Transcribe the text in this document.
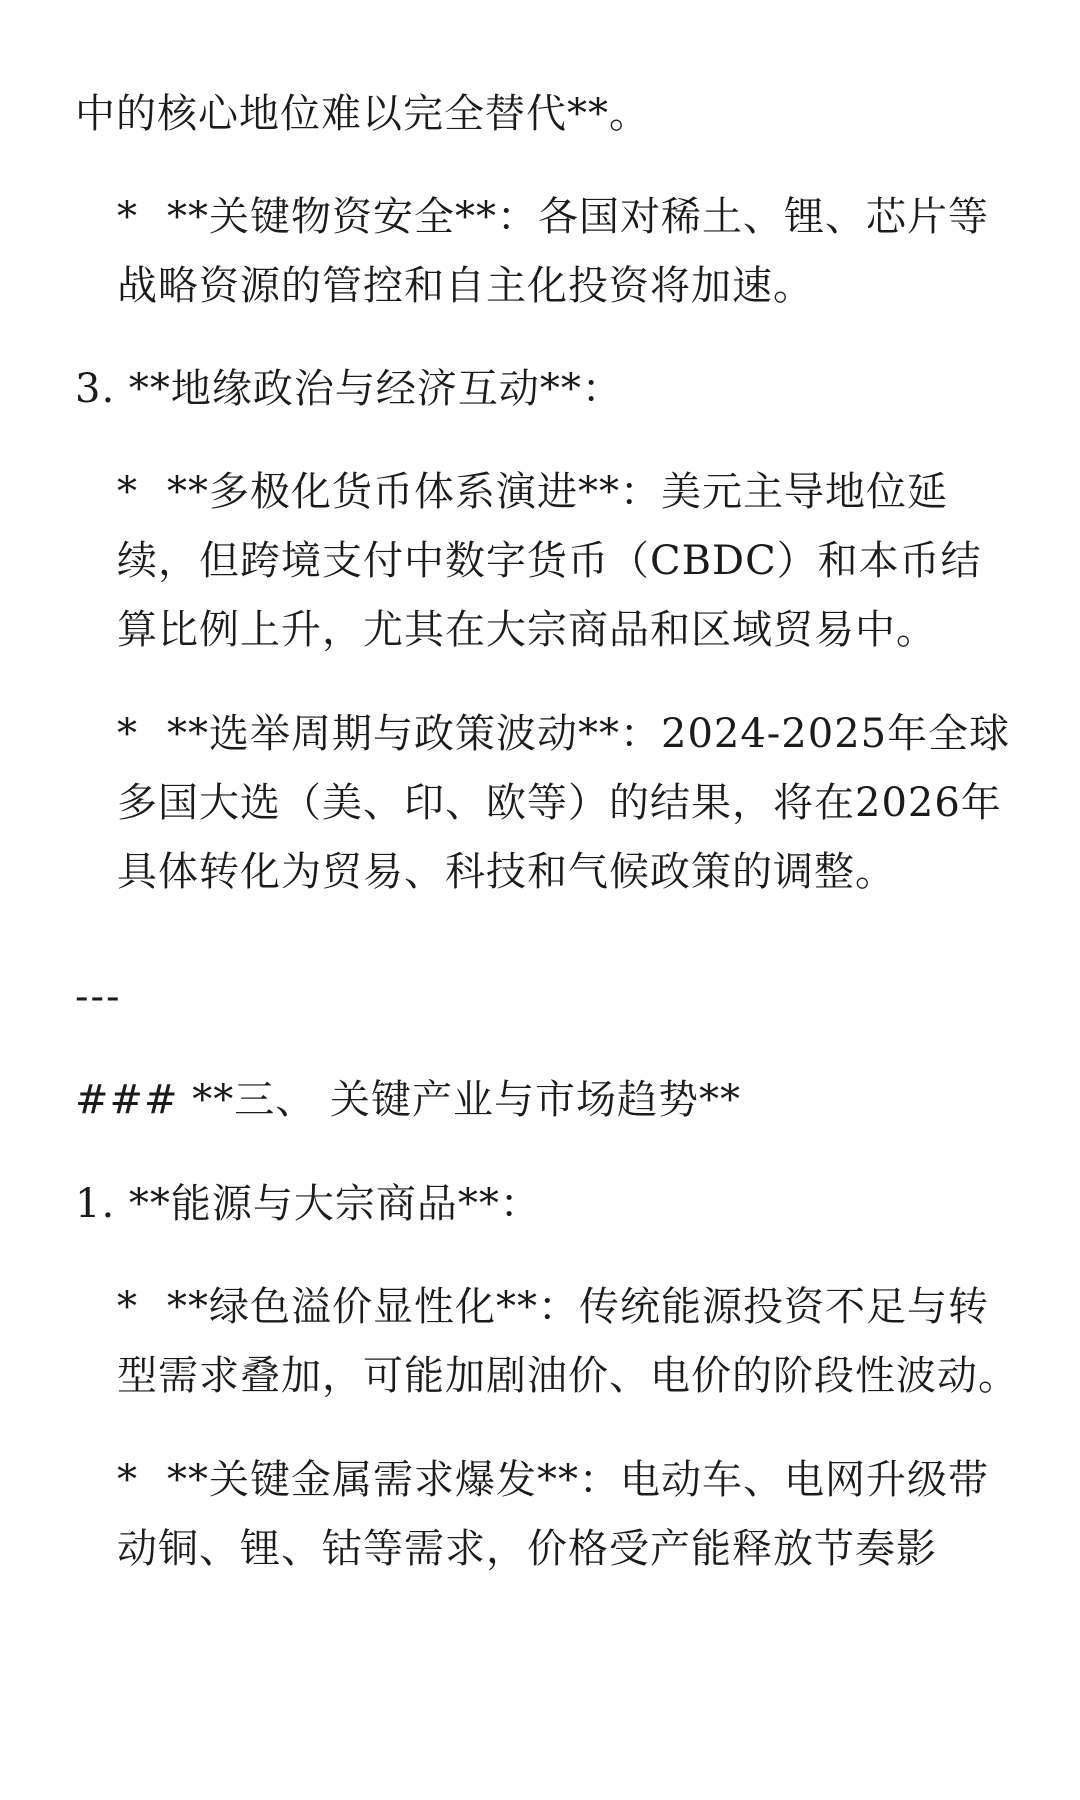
中的核心地位难以完全替代**。
* **关键物资安全**：各国对稀土、锂、芯片等战略资源的管控和自主化投资将加速。
3. **地缘政治与经济互动**：
* **多极化货币体系演进**：美元主导地位延续，但跨境支付中数字货币（CBDC）和本币结算比例上升，尤其在大宗商品和区域贸易中。
* **选举周期与政策波动**：2024-2025年全球多国大选（美、印、欧等）的结果，将在2026年具体转化为贸易、科技和气候政策的调整。
---
### **三、 关键产业与市场趋势**
1. **能源与大宗商品**：
* **绿色溢价显性化**：传统能源投资不足与转型需求叠加，可能加剧油价、电价的阶段性波动。
* **关键金属需求爆发**：电动车、电网升级带动铜、锂、钴等需求，价格受产能释放节奏影
